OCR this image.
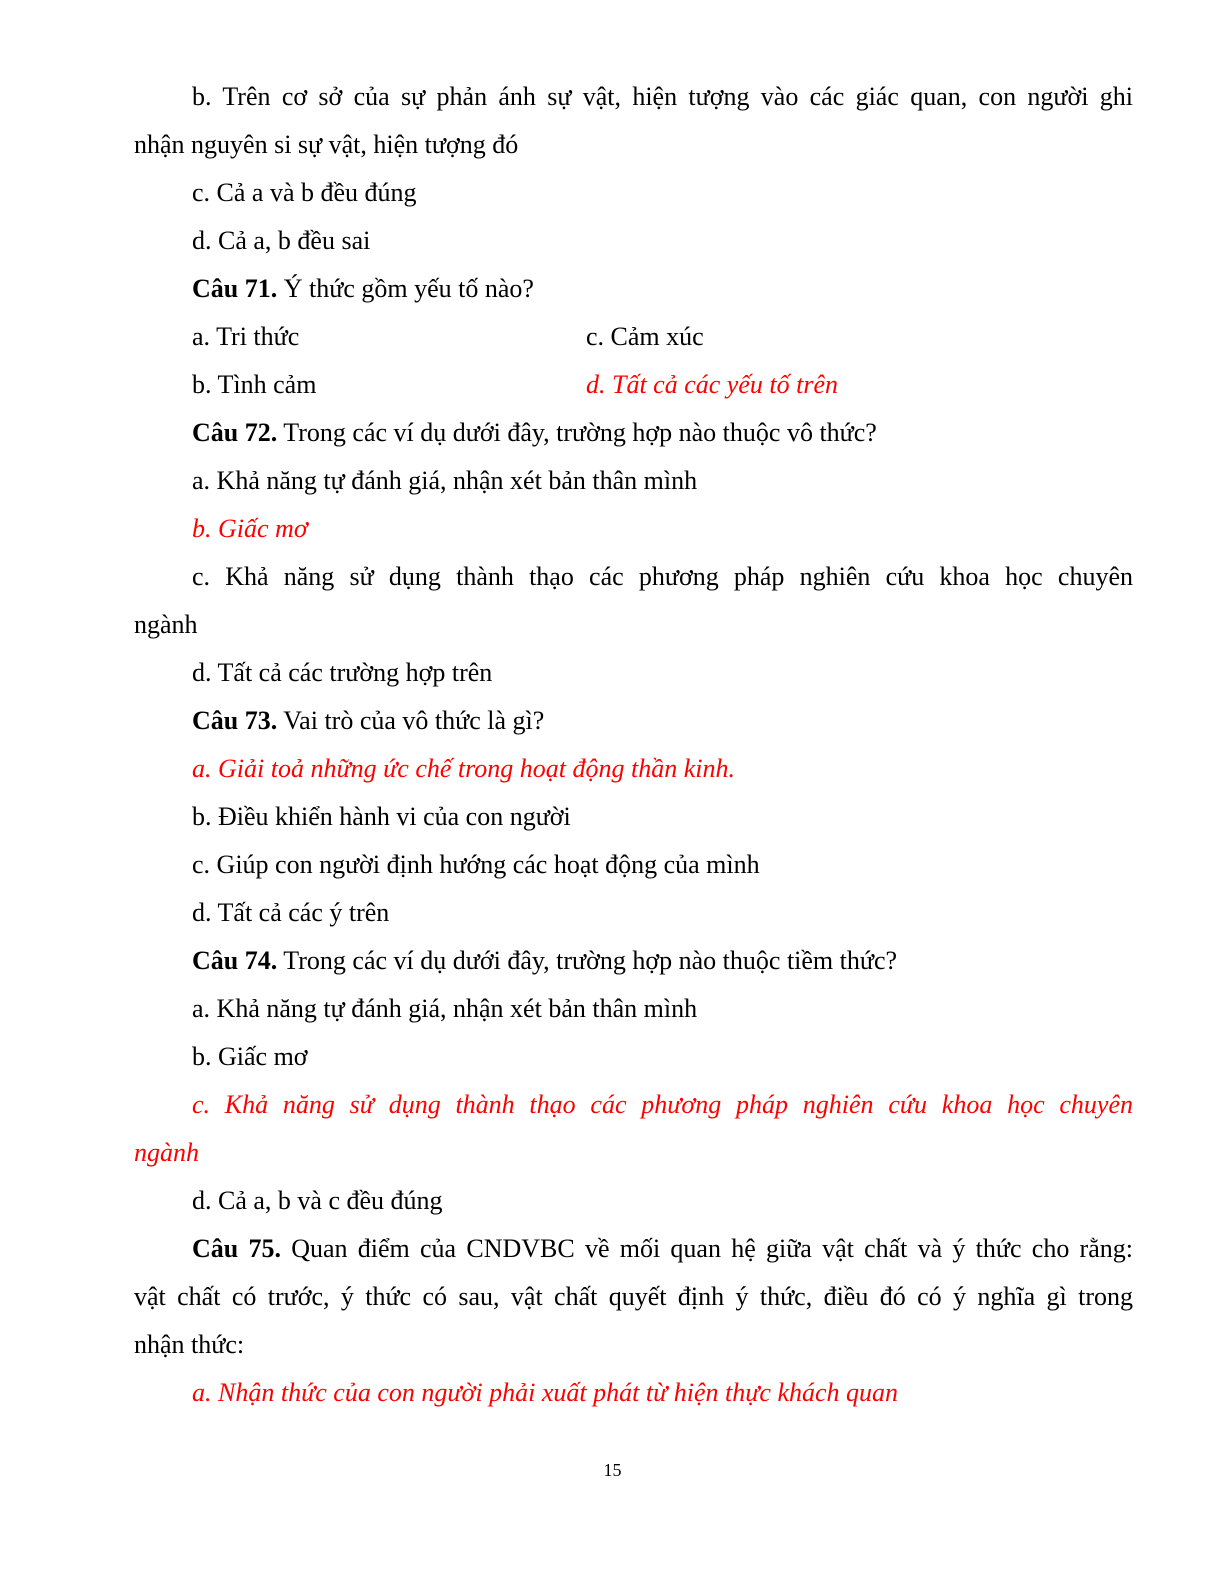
b. Trên cơ sở của sự phản ánh sự vật, hiện tượng vào các giác quan, con người ghi
nhận nguyên si sự vật, hiện tượng đó
c. Cả a và b đều đúng
d. Cả a, b đều sai
Câu 71. Ý thức gồm yếu tố nào?
a. Tri thức	c. Cảm xúc
b. Tình cảm	d. Tất cả các yếu tố trên
Câu 72. Trong các ví dụ dưới đây, trường hợp nào thuộc vô thức?
a. Khả năng tự đánh giá, nhận xét bản thân mình
b. Giấc mơ
c. Khả năng sử dụng thành thạo các phương pháp nghiên cứu khoa học chuyên
ngành
d. Tất cả các trường hợp trên
Câu 73. Vai trò của vô thức là gì?
a. Giải toả những ức chế trong hoạt động thần kinh.
b. Điều khiển hành vi của con người
c. Giúp con người định hướng các hoạt động của mình
d. Tất cả các ý trên
Câu 74. Trong các ví dụ dưới đây, trường hợp nào thuộc tiềm thức?
a. Khả năng tự đánh giá, nhận xét bản thân mình
b. Giấc mơ
c. Khả năng sử dụng thành thạo các phương pháp nghiên cứu khoa học chuyên
ngành
d. Cả a, b và c đều đúng
Câu 75. Quan điểm của CNDVBC về mối quan hệ giữa vật chất và ý thức cho rằng:
vật chất có trước, ý thức có sau, vật chất quyết định ý thức, điều đó có ý nghĩa gì trong
nhận thức:
a. Nhận thức của con người phải xuất phát từ hiện thực khách quan
15
